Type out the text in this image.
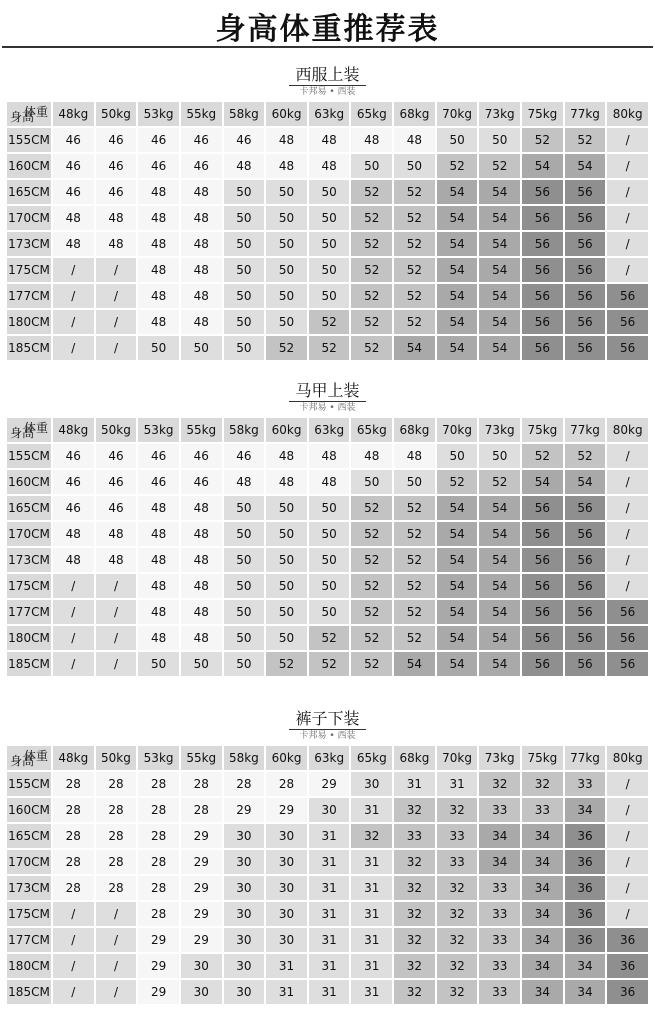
身高体重推荐表
西服上装
卡邦易 • 西装
体重
身高	48kg	50kg	53kg	55kg	58kg	60kg	63kg	65kg	68kg	70kg	73kg	75kg	77kg	80kg
155CM	46	46	46	46	46	48	48	48	48	50	50	52	52	/
160CM	46	46	46	46	48	48	48	50	50	52	52	54	54	/
165CM	46	46	48	48	50	50	50	52	52	54	54	56	56	/
170CM	48	48	48	48	50	50	50	52	52	54	54	56	56	/
173CM	48	48	48	48	50	50	50	52	52	54	54	56	56	/
175CM	/	/	48	48	50	50	50	52	52	54	54	56	56	/
177CM	/	/	48	48	50	50	50	52	52	54	54	56	56	56
180CM	/	/	48	48	50	50	52	52	52	54	54	56	56	56
185CM	/	/	50	50	50	52	52	52	54	54	54	56	56	56
马甲上装
卡邦易 • 西装
体重
身高	48kg	50kg	53kg	55kg	58kg	60kg	63kg	65kg	68kg	70kg	73kg	75kg	77kg	80kg
155CM	46	46	46	46	46	48	48	48	48	50	50	52	52	/
160CM	46	46	46	46	48	48	48	50	50	52	52	54	54	/
165CM	46	46	48	48	50	50	50	52	52	54	54	56	56	/
170CM	48	48	48	48	50	50	50	52	52	54	54	56	56	/
173CM	48	48	48	48	50	50	50	52	52	54	54	56	56	/
175CM	/	/	48	48	50	50	50	52	52	54	54	56	56	/
177CM	/	/	48	48	50	50	50	52	52	54	54	56	56	56
180CM	/	/	48	48	50	50	52	52	52	54	54	56	56	56
185CM	/	/	50	50	50	52	52	52	54	54	54	56	56	56
裤子下装
卡邦易 • 西装
体重
身高	48kg	50kg	53kg	55kg	58kg	60kg	63kg	65kg	68kg	70kg	73kg	75kg	77kg	80kg
155CM	28	28	28	28	28	28	29	30	31	31	32	32	33	/
160CM	28	28	28	28	29	29	30	31	32	32	33	33	34	/
165CM	28	28	28	29	30	30	31	32	33	33	34	34	36	/
170CM	28	28	28	29	30	30	31	31	32	33	34	34	36	/
173CM	28	28	28	29	30	30	31	31	32	32	33	34	36	/
175CM	/	/	28	29	30	30	31	31	32	32	33	34	36	/
177CM	/	/	29	29	30	30	31	31	32	32	33	34	36	36
180CM	/	/	29	30	30	31	31	31	32	32	33	34	34	36
185CM	/	/	29	30	30	31	31	31	32	32	33	34	34	36
